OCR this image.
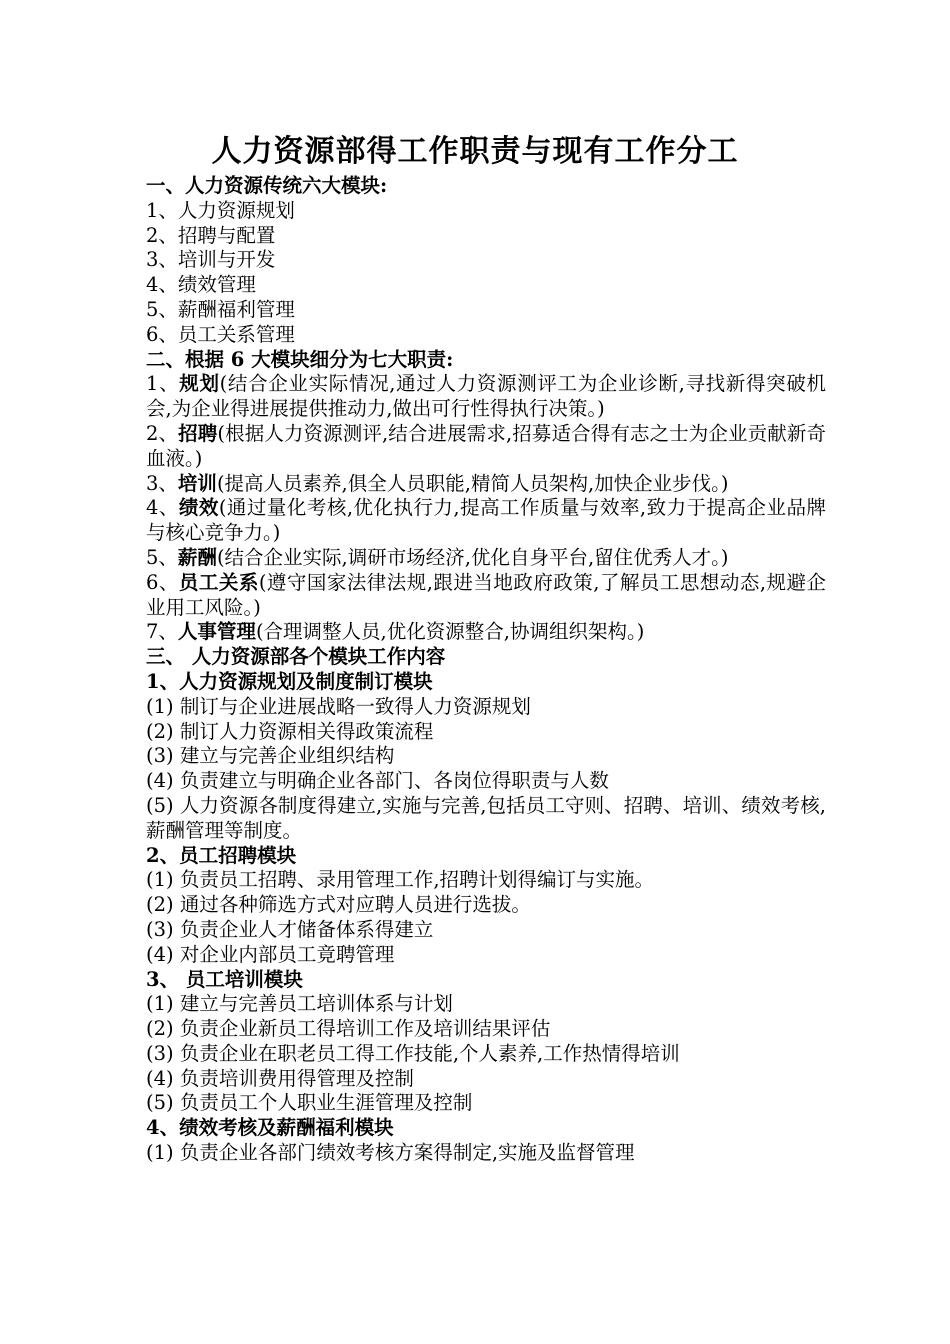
人力资源部得工作职责与现有工作分工

一、人力资源传统六大模块:

1、人力资源规划

2、招聘与配置

3、培训与开发

4、绩效管理

5、薪酬福利管理

6、员工关系管理

二、根据 6 大模块细分为七大职责:

1、规划(结合企业实际情况,通过人力资源测评工为企业诊断,寻找新得突破机会,为企业得进展提供推动力,做出可行性得执行决策。)

2、招聘(根据人力资源测评,结合进展需求,招募适合得有志之士为企业贡献新奇血液。)

3、培训(提高人员素养,俱全人员职能,精简人员架构,加快企业步伐。)

4、绩效(通过量化考核,优化执行力,提高工作质量与效率,致力于提高企业品牌与核心竞争力。)

5、薪酬(结合企业实际,调研市场经济,优化自身平台,留住优秀人才。)

6、员工关系(遵守国家法律法规,跟进当地政府政策,了解员工思想动态,规避企业用工风险。)

7、人事管理(合理调整人员,优化资源整合,协调组织架构。)

三、 人力资源部各个模块工作内容

1、人力资源规划及制度制订模块

(1) 制订与企业进展战略一致得人力资源规划

(2) 制订人力资源相关得政策流程

(3) 建立与完善企业组织结构

(4) 负责建立与明确企业各部门、各岗位得职责与人数

(5) 人力资源各制度得建立,实施与完善,包括员工守则、招聘、培训、绩效考核,薪酬管理等制度。

2、员工招聘模块

(1) 负责员工招聘、录用管理工作,招聘计划得编订与实施。

(2) 通过各种筛选方式对应聘人员进行选拔。

(3) 负责企业人才储备体系得建立

(4) 对企业内部员工竟聘管理

3、 员工培训模块

(1) 建立与完善员工培训体系与计划

(2) 负责企业新员工得培训工作及培训结果评估

(3) 负责企业在职老员工得工作技能,个人素养,工作热情得培训

(4) 负责培训费用得管理及控制

(5) 负责员工个人职业生涯管理及控制

4、绩效考核及薪酬福利模块

(1) 负责企业各部门绩效考核方案得制定,实施及监督管理
